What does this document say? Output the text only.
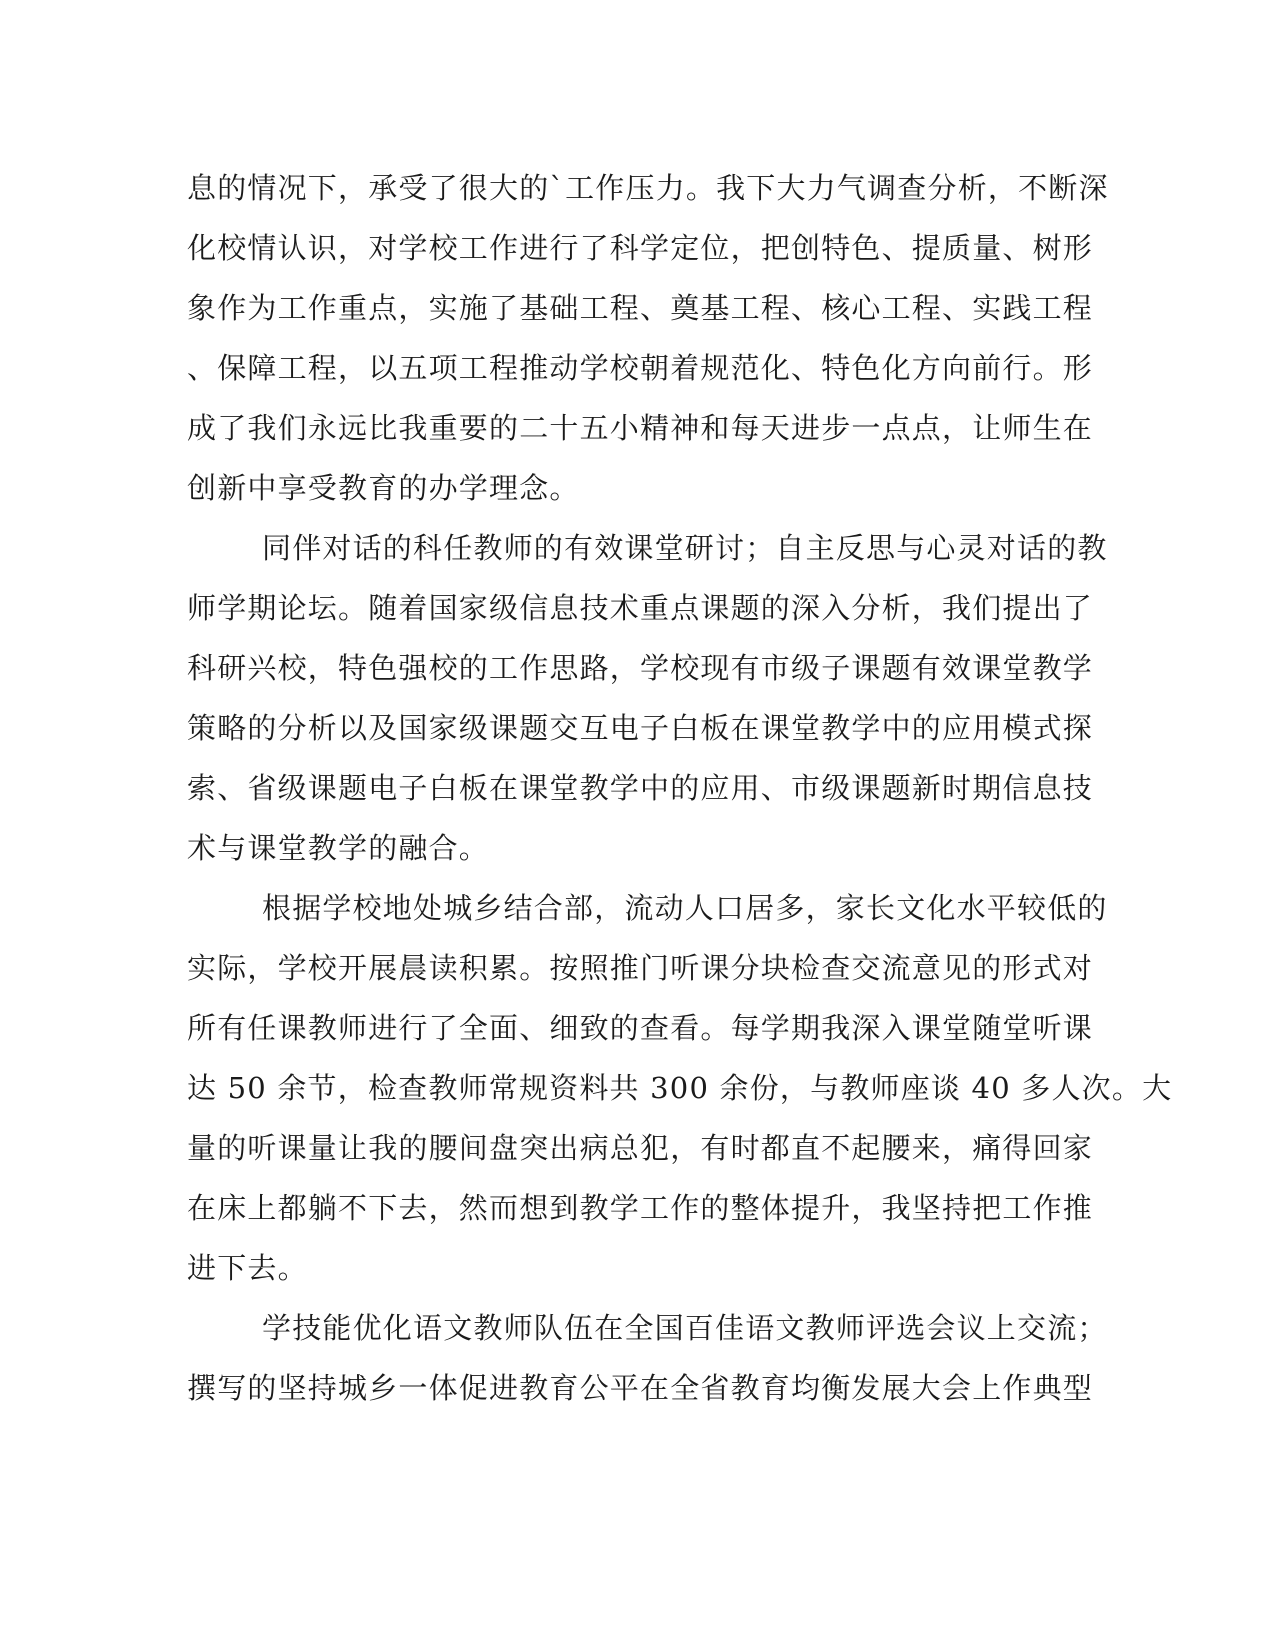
息的情况下，承受了很大的`工作压力。我下大力气调查分析，不断深
化校情认识，对学校工作进行了科学定位，把创特色、提质量、树形
象作为工作重点，实施了基础工程、奠基工程、核心工程、实践工程
、保障工程，以五项工程推动学校朝着规范化、特色化方向前行。形
成了我们永远比我重要的二十五小精神和每天进步一点点，让师生在
创新中享受教育的办学理念。
同伴对话的科任教师的有效课堂研讨；自主反思与心灵对话的教
师学期论坛。随着国家级信息技术重点课题的深入分析，我们提出了
科研兴校，特色强校的工作思路，学校现有市级子课题有效课堂教学
策略的分析以及国家级课题交互电子白板在课堂教学中的应用模式探
索、省级课题电子白板在课堂教学中的应用、市级课题新时期信息技
术与课堂教学的融合。
根据学校地处城乡结合部，流动人口居多，家长文化水平较低的
实际，学校开展晨读积累。按照推门听课分块检查交流意见的形式对
所有任课教师进行了全面、细致的查看。每学期我深入课堂随堂听课
达 50 余节，检查教师常规资料共 300 余份，与教师座谈 40 多人次。大
量的听课量让我的腰间盘突出病总犯，有时都直不起腰来，痛得回家
在床上都躺不下去，然而想到教学工作的整体提升，我坚持把工作推
进下去。
学技能优化语文教师队伍在全国百佳语文教师评选会议上交流；
撰写的坚持城乡一体促进教育公平在全省教育均衡发展大会上作典型
